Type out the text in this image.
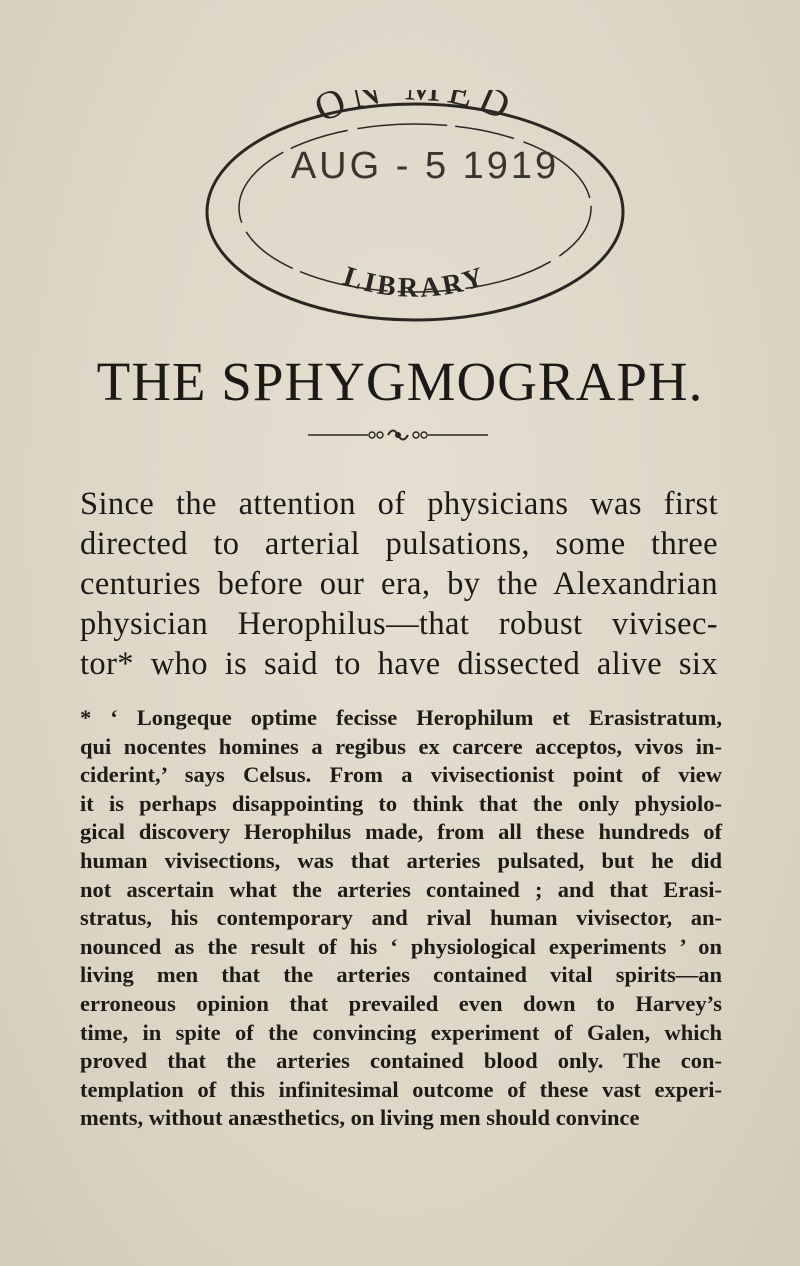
ON ED
AUG - 5 1919
LIBRARY
THE SPHYGMOGRAPH.
Since the attention of physicians was first
directed to arterial pulsations, some three
centuries before our era, by the Alexandrian
physician Herophilus—that robust vivisec-
tor* who is said to have dissected alive six
* ‘ Longeque optime fecisse Herophilum et Erasistratum,
qui nocentes homines a regibus ex carcere acceptos, vivos in-
ciderint,’ says Celsus. From a vivisectionist point of view
it is perhaps disappointing to think that the only physiolo-
gical discovery Herophilus made, from all these hundreds of
human vivisections, was that arteries pulsated, but he did
not ascertain what the arteries contained ; and that Erasi-
stratus, his contemporary and rival human vivisector, an-
nounced as the result of his ‘ physiological experiments ’ on
living men that the arteries contained vital spirits—an
erroneous opinion that prevailed even down to Harvey’s
time, in spite of the convincing experiment of Galen, which
proved that the arteries contained blood only. The con-
templation of this infinitesimal outcome of these vast experi-
ments, without anæsthetics, on living men should convince
